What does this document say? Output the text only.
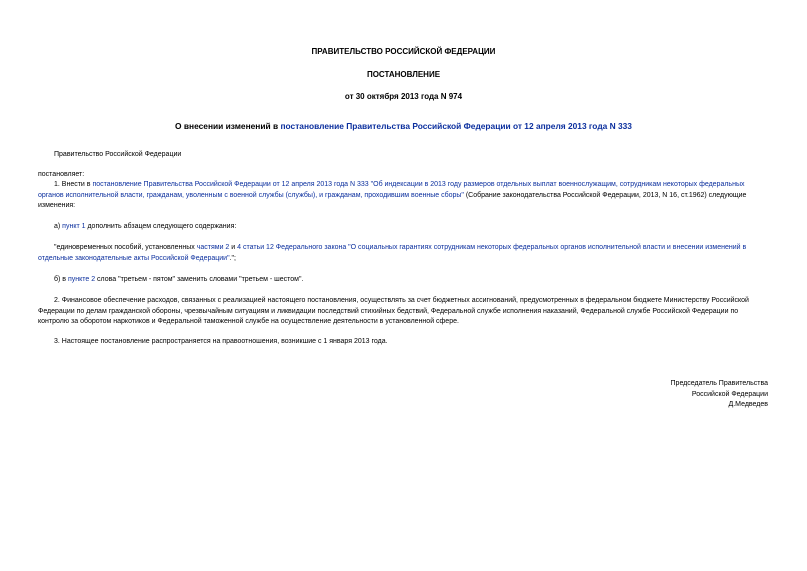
ПРАВИТЕЛЬСТВО РОССИЙСКОЙ ФЕДЕРАЦИИ
ПОСТАНОВЛЕНИЕ
от 30 октября 2013 года N 974
О внесении изменений в постановление Правительства Российской Федерации от 12 апреля 2013 года N 333
Правительство Российской Федерации
постановляет:
1. Внести в постановление Правительства Российской Федерации от 12 апреля 2013 года N 333 "Об индексации в 2013 году размеров отдельных выплат военнослужащим, сотрудникам некоторых федеральных органов исполнительной власти, гражданам, уволенным с военной службы (службы), и гражданам, проходившим военные сборы" (Собрание законодательства Российской Федерации, 2013, N 16, ст.1962) следующие изменения:
а) пункт 1 дополнить абзацем следующего содержания:
"единовременных пособий, установленных частями 2 и 4 статьи 12 Федерального закона "О социальных гарантиях сотрудникам некоторых федеральных органов исполнительной власти и внесении изменений в отдельные законодательные акты Российской Федерации".";
б) в пункте 2 слова "третьем - пятом" заменить словами "третьем - шестом".
2. Финансовое обеспечение расходов, связанных с реализацией настоящего постановления, осуществлять за счет бюджетных ассигнований, предусмотренных в федеральном бюджете Министерству Российской Федерации по делам гражданской обороны, чрезвычайным ситуациям и ликвидации последствий стихийных бедствий, Федеральной службе исполнения наказаний, Федеральной службе Российской Федерации по контролю за оборотом наркотиков и Федеральной таможенной службе на осуществление деятельности в установленной сфере.
3. Настоящее постановление распространяется на правоотношения, возникшие с 1 января 2013 года.
Председатель Правительства
Российской Федерации
Д.Медведев
